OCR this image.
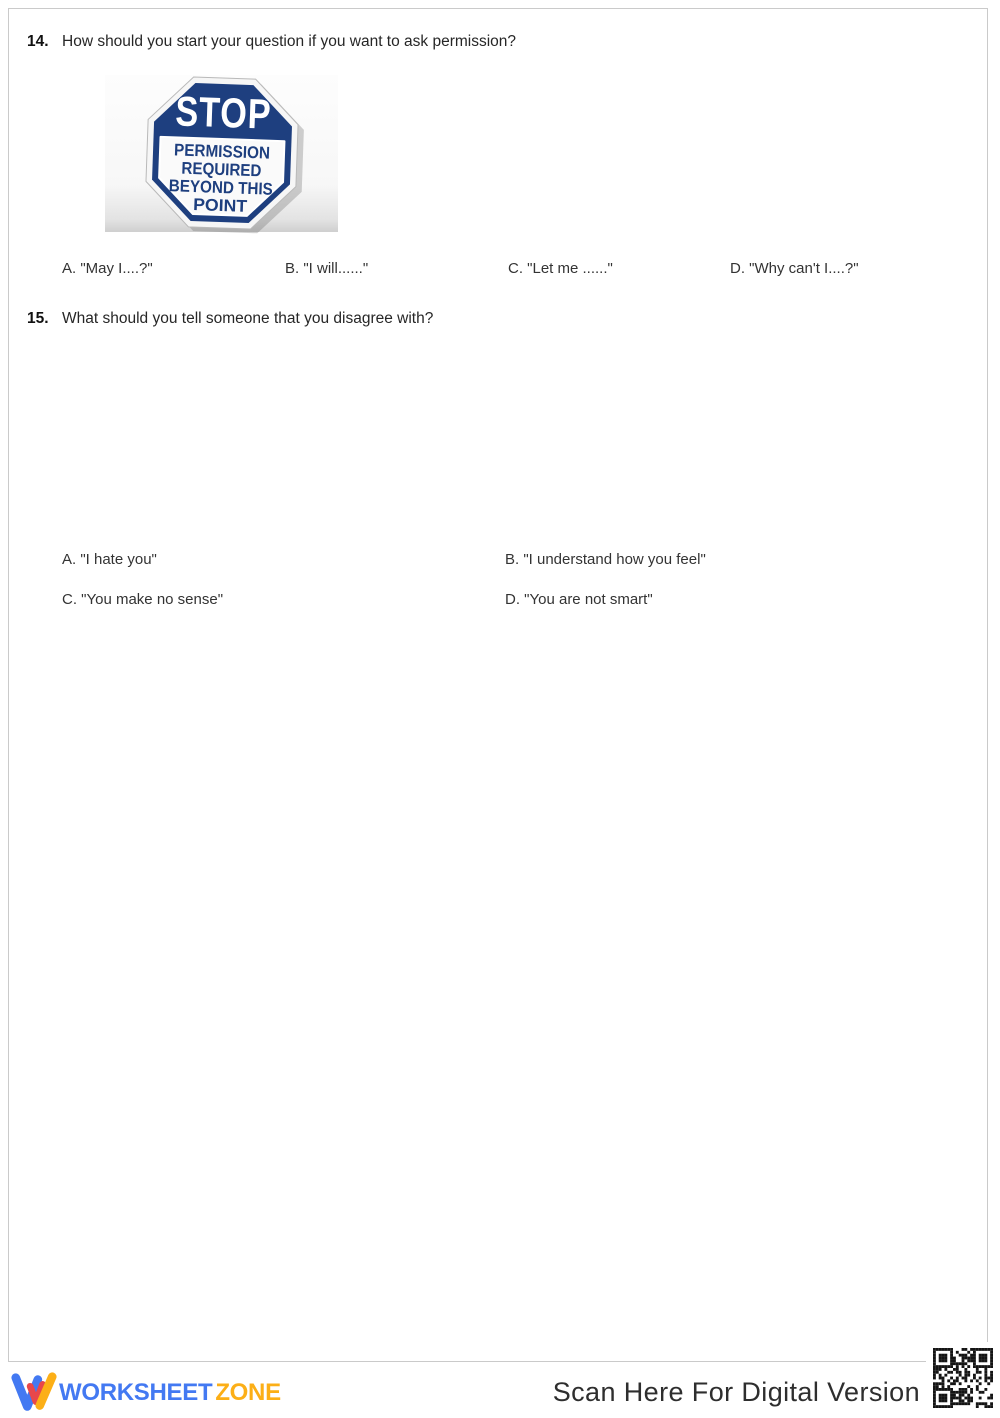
14. How should you start your question if you want to ask permission?
STOP
PERMISSION
REQUIRED
BEYOND THIS
POINT
A. "May I....?"	B. "I will......"	C. "Let me ......"	D. "Why can't I....?"
15. What should you tell someone that you disagree with?
A. "I hate you"	B. "I understand how you feel"
C. "You make no sense"	D. "You are not smart"
WORKSHEET ZONE	Scan Here For Digital Version
